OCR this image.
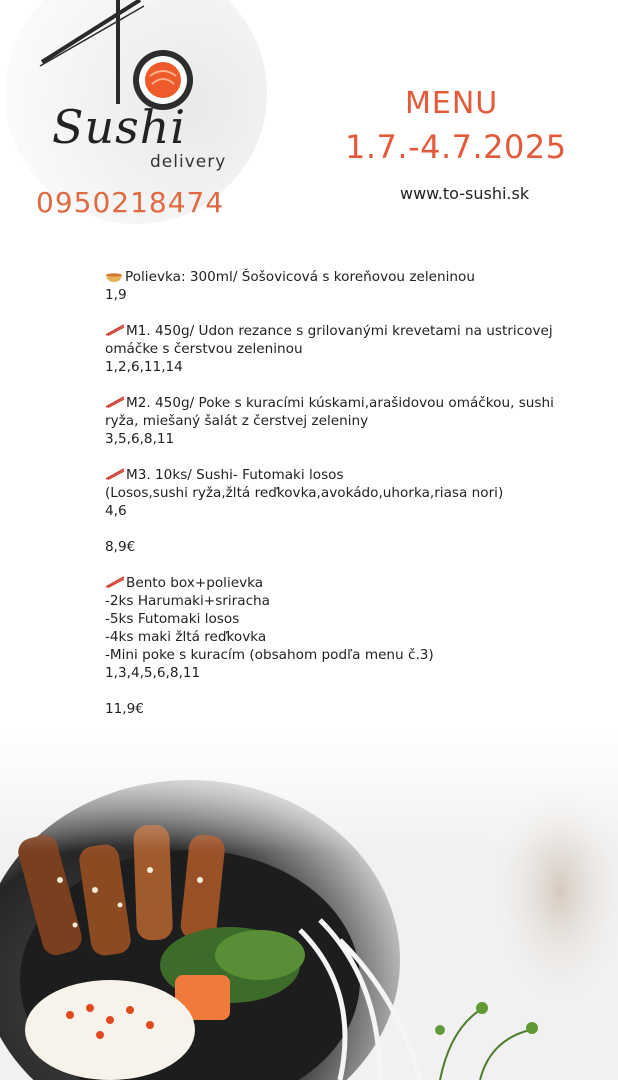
Sushi
delivery
0950218474
MENU
1.7.-4.7.2025
www.to-sushi.sk
Polievka: 300ml/ Šošovicová s koreňovou zeleninou
1,9
M1. 450g/ Udon rezance s grilovanými krevetami na ustricovej
omáčke s čerstvou zeleninou
1,2,6,11,14
M2. 450g/ Poke s kuracími kúskami,arašidovou omáčkou, sushi
ryža, miešaný šalát z čerstvej zeleniny
3,5,6,8,11
M3. 10ks/ Sushi- Futomaki losos
(Losos,sushi ryža,žltá reďkovka,avokádo,uhorka,riasa nori)
4,6
8,9€
Bento box+polievka
-2ks Harumaki+sriracha
-5ks Futomaki losos
-4ks maki žltá reďkovka
-Mini poke s kuracím (obsahom podľa menu č.3)
1,3,4,5,6,8,11
11,9€
